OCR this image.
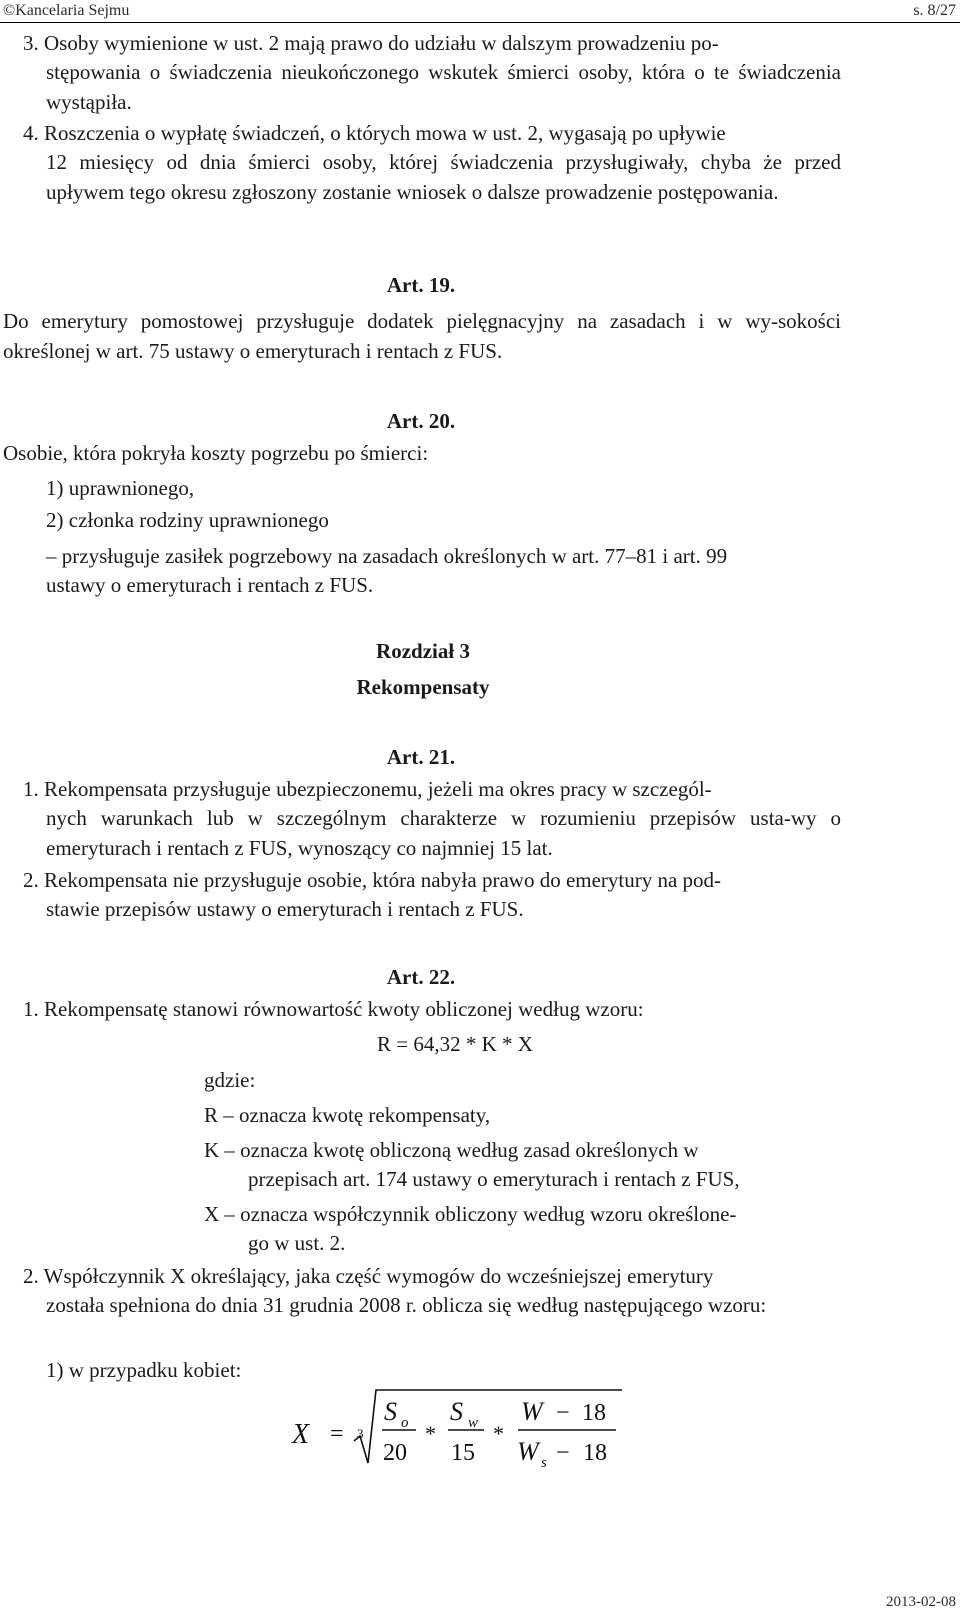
©Kancelaria Sejmu	s. 8/27
3. Osoby wymienione w ust. 2 mają prawo do udziału w dalszym prowadzeniu po-
stępowania o świadczenia nieukończonego wskutek śmierci osoby, która o te świadczenia wystąpiła.
4. Roszczenia o wypłatę świadczeń, o których mowa w ust. 2, wygasają po upływie
12 miesięcy od dnia śmierci osoby, której świadczenia przysługiwały, chyba że przed upływem tego okresu zgłoszony zostanie wniosek o dalsze prowadzenie postępowania.
Art. 19.
Do emerytury pomostowej przysługuje dodatek pielęgnacyjny na zasadach i w wy-sokości określonej w art. 75 ustawy o emeryturach i rentach z FUS.
Art. 20.
Osobie, która pokryła koszty pogrzebu po śmierci:
1) uprawnionego,
2) członka rodziny uprawnionego
– przysługuje zasiłek pogrzebowy na zasadach określonych w art. 77–81 i art. 99
ustawy o emeryturach i rentach z FUS.
Rozdział 3
Rekompensaty
Art. 21.
1. Rekompensata przysługuje ubezpieczonemu, jeżeli ma okres pracy w szczegól-
nych warunkach lub w szczególnym charakterze w rozumieniu przepisów usta-wy o emeryturach i rentach z FUS, wynoszący co najmniej 15 lat.
2. Rekompensata nie przysługuje osobie, która nabyła prawo do emerytury na pod-
stawie przepisów ustawy o emeryturach i rentach z FUS.
Art. 22.
1. Rekompensatę stanowi równowartość kwoty obliczonej według wzoru:
R = 64,32 * K * X
gdzie:
R – oznacza kwotę rekompensaty,
K – oznacza kwotę obliczoną według zasad określonych w
przepisach art. 174 ustawy o emeryturach i rentach z FUS,
X – oznacza współczynnik obliczony według wzoru określone-
go w ust. 2.
2. Współczynnik X określający, jaka część wymogów do wcześniejszej emerytury
została spełniona do dnia 31 grudnia 2008 r. oblicza się według następującego wzoru:
1) w przypadku kobiet:
X = 3
S o
20
*
S w
15
*
W − 18
W s − 18
2013-02-08
